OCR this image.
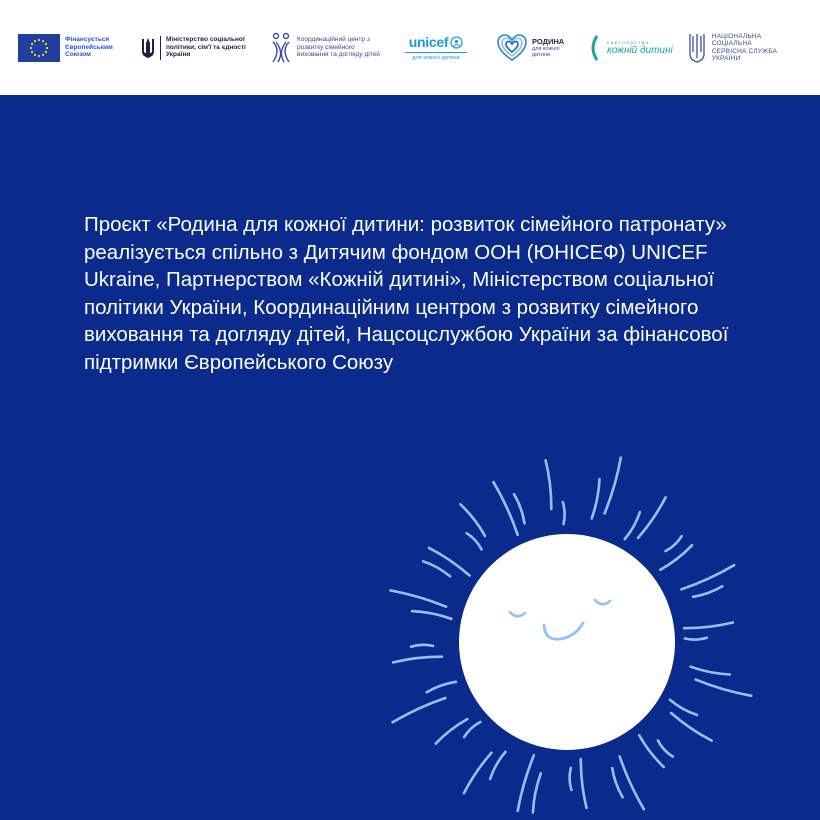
Фінансується Європейським Союзом
Міністерство соціальної політики, сім'ї та єдності України
Координаційний центр з розвитку сімейного виховання та догляду дітей
unicef
для кожної дитини
РОДИНА
для кожної дитини
партнерство
кожній дитині
НАЦІОНАЛЬНА СОЦІАЛЬНА СЕРВІСНА СЛУЖБА УКРАЇНИ
Проєкт «Родина для кожної дитини: розвиток сімейного патронату» реалізується спільно з Дитячим фондом ООН (ЮНІСЕФ) UNICEF Ukraine, Партнерством «Кожній дитині», Міністерством соціальної політики України, Координаційним центром з розвитку сімейного виховання та догляду дітей, Нацсоцслужбою України за фінансової підтримки Європейського Союзу
